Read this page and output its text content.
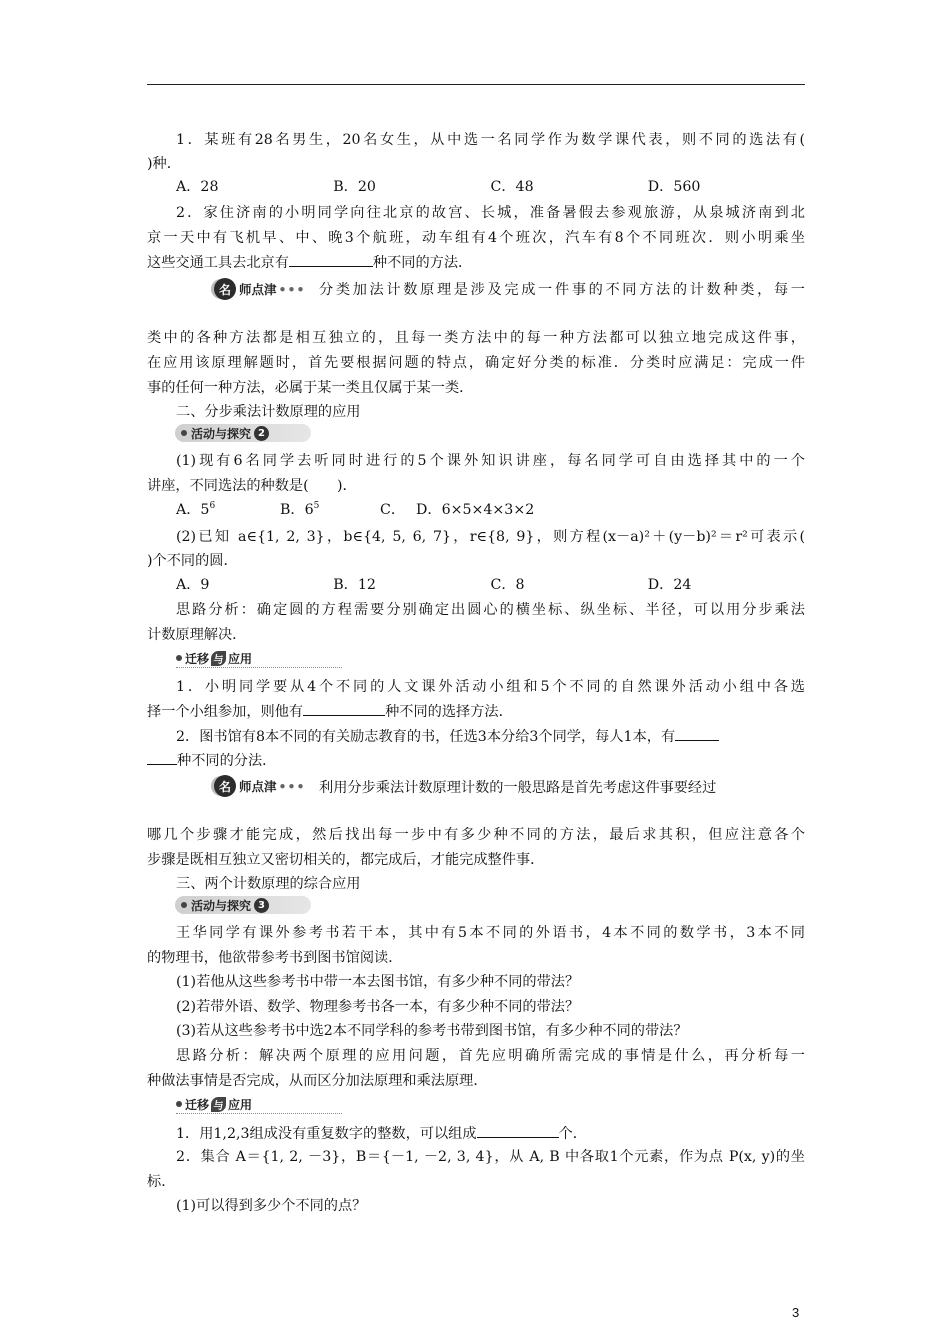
1．某班有28名男生，20名女生，从中选一名同学作为数学课代表，则不同的选法有(
)种．
A．28	B．20	C．48	D．560
2．家住济南的小明同学向往北京的故宫、长城，准备暑假去参观旅游，从泉城济南到北
京一天中有飞机早、中、晚3个航班，动车组有4个班次，汽车有8个不同班次．则小明乘坐
这些交通工具去北京有	种不同的方法．
名 师点津 ••• 分类加法计数原理是涉及完成一件事的不同方法的计数种类，每一
类中的各种方法都是相互独立的，且每一类方法中的每一种方法都可以独立地完成这件事，
在应用该原理解题时，首先要根据问题的特点，确定好分类的标准．分类时应满足：完成一件
事的任何一种方法，必属于某一类且仅属于某一类．
二、分步乘法计数原理的应用
活动与探究 2
(1)现有6名同学去听同时进行的5个课外知识讲座，每名同学可自由选择其中的一个
讲座，不同选法的种数是(　　)．
A．$5^6$	B．$6^5$	C． D．6×5×4×3×2
(2)已知 a∈{1, 2, 3}，b∈{4, 5, 6, 7}，r∈{8, 9}，则方程(x－a)²＋(y－b)²＝r²可表示(
)个不同的圆．
A．9	B．12	C．8	D．24
思路分析：确定圆的方程需要分别确定出圆心的横坐标、纵坐标、半径，可以用分步乘法
计数原理解决．
迁移 与 应用
1．小明同学要从4个不同的人文课外活动小组和5个不同的自然课外活动小组中各选
择一个小组参加，则他有	种不同的选择方法．
2．图书馆有8本不同的有关励志教育的书，任选3本分给3个同学，每人1本，有
种不同的分法．
名 师点津 ••• 利用分步乘法计数原理计数的一般思路是首先考虑这件事要经过
哪几个步骤才能完成，然后找出每一步中有多少种不同的方法，最后求其积，但应注意各个
步骤是既相互独立又密切相关的，都完成后，才能完成整件事．
三、两个计数原理的综合应用
活动与探究 3
王华同学有课外参考书若干本，其中有5本不同的外语书，4本不同的数学书，3本不同
的物理书，他欲带参考书到图书馆阅读．
(1)若他从这些参考书中带一本去图书馆，有多少种不同的带法？
(2)若带外语、数学、物理参考书各一本，有多少种不同的带法？
(3)若从这些参考书中选2本不同学科的参考书带到图书馆，有多少种不同的带法？
思路分析：解决两个原理的应用问题，首先应明确所需完成的事情是什么，再分析每一
种做法事情是否完成，从而区分加法原理和乘法原理．
迁移 与 应用
1．用1,2,3组成没有重复数字的整数，可以组成	个．
2．集合 A＝{1, 2, －3}，B＝{－1, －2, 3, 4}，从 A, B 中各取1个元素，作为点 P(x, y)的坐
标．
(1)可以得到多少个不同的点？
3
